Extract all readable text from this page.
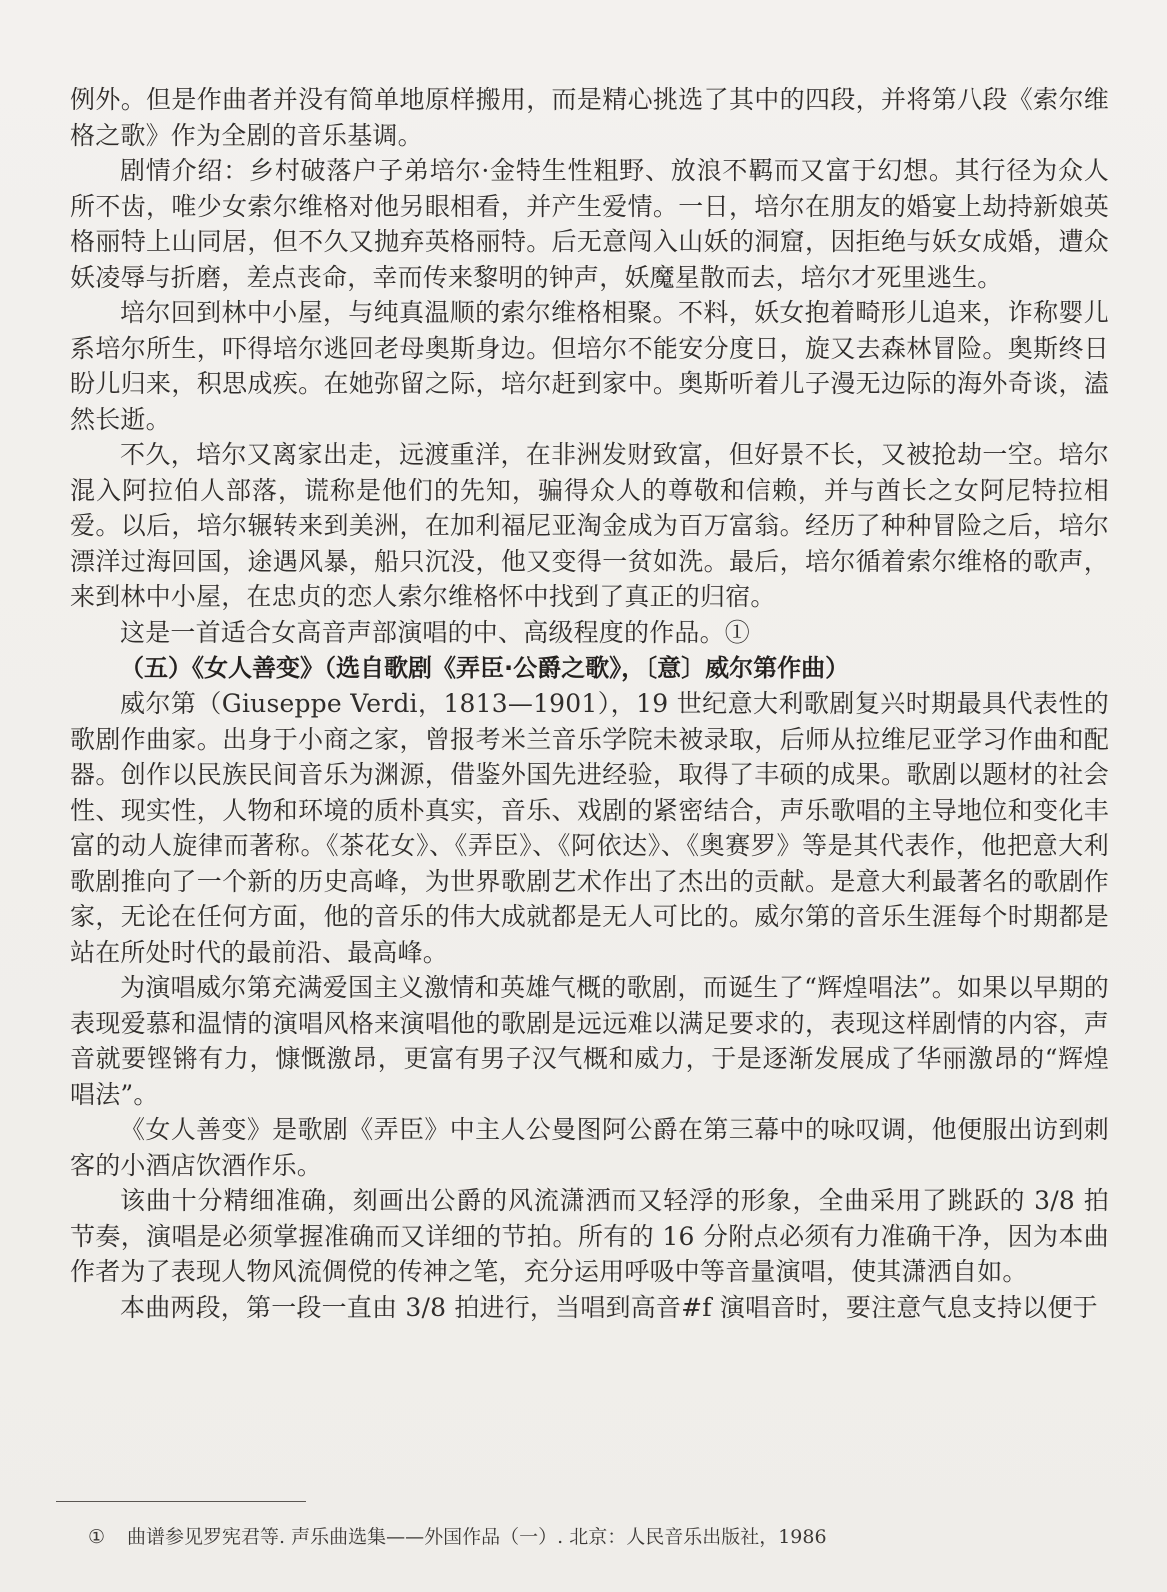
例外。但是作曲者并没有简单地原样搬用，而是精心挑选了其中的四段，并将第八段《索尔维格之歌》作为全剧的音乐基调。

剧情介绍：乡村破落户子弟培尔·金特生性粗野、放浪不羁而又富于幻想。其行径为众人所不齿，唯少女索尔维格对他另眼相看，并产生爱情。一日，培尔在朋友的婚宴上劫持新娘英格丽特上山同居，但不久又抛弃英格丽特。后无意闯入山妖的洞窟，因拒绝与妖女成婚，遭众妖凌辱与折磨，差点丧命，幸而传来黎明的钟声，妖魔星散而去，培尔才死里逃生。

培尔回到林中小屋，与纯真温顺的索尔维格相聚。不料，妖女抱着畸形儿追来，诈称婴儿系培尔所生，吓得培尔逃回老母奥斯身边。但培尔不能安分度日，旋又去森林冒险。奥斯终日盼儿归来，积思成疾。在她弥留之际，培尔赶到家中。奥斯听着儿子漫无边际的海外奇谈，溘然长逝。

不久，培尔又离家出走，远渡重洋，在非洲发财致富，但好景不长，又被抢劫一空。培尔混入阿拉伯人部落，谎称是他们的先知，骗得众人的尊敬和信赖，并与酋长之女阿尼特拉相爱。以后，培尔辗转来到美洲，在加利福尼亚淘金成为百万富翁。经历了种种冒险之后，培尔漂洋过海回国，途遇风暴，船只沉没，他又变得一贫如洗。最后，培尔循着索尔维格的歌声，来到林中小屋，在忠贞的恋人索尔维格怀中找到了真正的归宿。

这是一首适合女高音声部演唱的中、高级程度的作品。①

（五）《女人善变》（选自歌剧《弄臣·公爵之歌》，〔意〕威尔第作曲）

威尔第（Giuseppe Verdi，1813—1901），19 世纪意大利歌剧复兴时期最具代表性的歌剧作曲家。出身于小商之家，曾报考米兰音乐学院未被录取，后师从拉维尼亚学习作曲和配器。创作以民族民间音乐为渊源，借鉴外国先进经验，取得了丰硕的成果。歌剧以题材的社会性、现实性，人物和环境的质朴真实，音乐、戏剧的紧密结合，声乐歌唱的主导地位和变化丰富的动人旋律而著称。《茶花女》、《弄臣》、《阿依达》、《奥赛罗》等是其代表作，他把意大利歌剧推向了一个新的历史高峰，为世界歌剧艺术作出了杰出的贡献。是意大利最著名的歌剧作家，无论在任何方面，他的音乐的伟大成就都是无人可比的。威尔第的音乐生涯每个时期都是站在所处时代的最前沿、最高峰。

为演唱威尔第充满爱国主义激情和英雄气概的歌剧，而诞生了“辉煌唱法”。如果以早期的表现爱慕和温情的演唱风格来演唱他的歌剧是远远难以满足要求的，表现这样剧情的内容，声音就要铿锵有力，慷慨激昂，更富有男子汉气概和威力，于是逐渐发展成了华丽激昂的“辉煌唱法”。

《女人善变》是歌剧《弄臣》中主人公曼图阿公爵在第三幕中的咏叹调，他便服出访到刺客的小酒店饮酒作乐。

该曲十分精细准确，刻画出公爵的风流潇洒而又轻浮的形象，全曲采用了跳跃的 3/8 拍节奏，演唱是必须掌握准确而又详细的节拍。所有的 16 分附点必须有力准确干净，因为本曲作者为了表现人物风流倜傥的传神之笔，充分运用呼吸中等音量演唱，使其潇洒自如。

本曲两段，第一段一直由 3/8 拍进行，当唱到高音#f 演唱音时，要注意气息支持以便于

① 曲谱参见罗宪君等. 声乐曲选集——外国作品（一）. 北京：人民音乐出版社，1986
